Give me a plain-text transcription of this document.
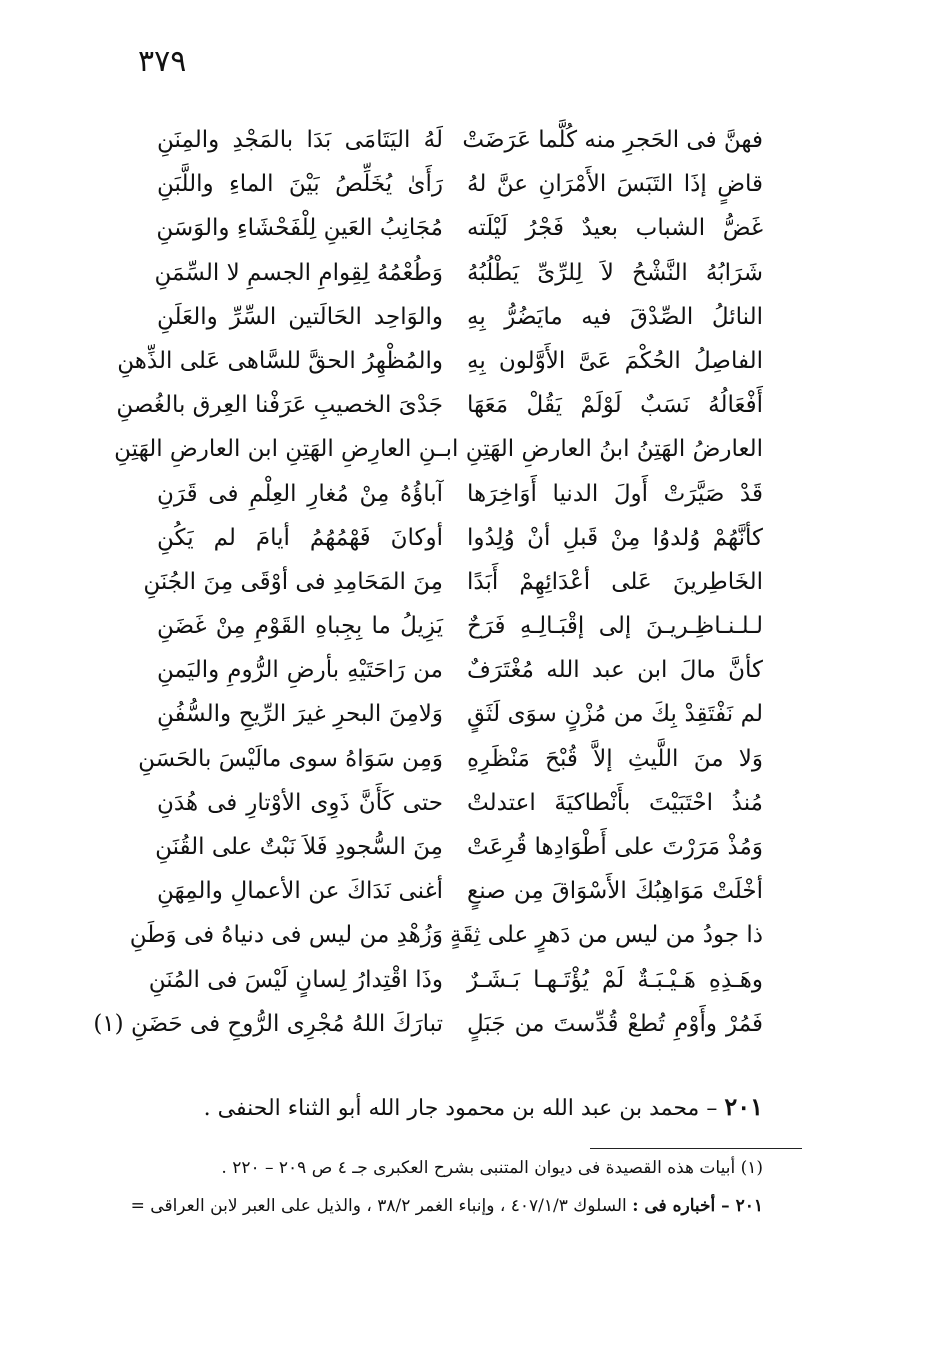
٣٧٩
فهنَّ فى الحَجرِ منه كُلَّما عَرَضَتْ
قاضٍ إذَا التَبَسَ الأَمْرَانِ عنَّ لهُ
غَضُّ الشباب بعيدٌ فَجْرُ لَيْلَته
شَرَابُهُ النَّشْحُ لاَ لِلرِّىِّ يَطْلُبُهُ
النائلُ الصِّدْقَ فيه مايَضُرُّ بِهِ
الفاصِلُ الحُكْمَ عَىَّ الأَوَّلون بِهِ
أَفْعَالُهُ نَسَبٌ لَوْلَمْ يَقُلْ مَعَهَا
العارضُ الهَتِنُ ابنُ العارضِ الهَتِنِ ابـ
قَدْ صَيَّرَتْ أَولَ الدنيا أَوَاخِرَها
كأنَّهُمْ وُلدوُا مِنْ قَبلِ أنْ وُلِدُوا
الخَاطِرينَ عَلى أعْدَائِهِمْ أَبَدًا
لـلـنـاظِـريـنَ إلى إقْبَـالِـهِ فَرَحٌ
كأنَّ مالَ ابن عبد الله مُغْتَرَفٌ
لم نَفْتَقِدْ بِكَ من مُزْنٍ سوَى لَثَقٍ
وَلا منَ اللَّيثِ إلاَّ قُبْحَ مَنْظَرِهِ
مُنذُ احْتَبَيْتَ بأَنْطاكيَةَ اعتدلتْ
وَمُذْ مَرَرْتَ على أَطْوَادِها قُرِعَتْ
أخْلَتْ مَوَاهِبُكَ الأَسْوَاقَ مِن صنعٍ
ذا جودُ من ليس من دَهرٍ على ثِقَةٍ
وهَـذِهِ هَـيْـبَـةٌ لَمْ يُؤْتَـهـا بَـشَـرٌ
فَمُرْ وأَوْمِ تُطعْ قُدِّستَ من جَبَلٍ
لَهُ اليَتَامَى بَدَا بالمَجْدِ والمِنَنِ
رَأَىٰ يُخَلِّصُ بَيْنَ الماءِ واللَّبَنِ
مُجَانِبُ العَينِ لِلْفَحْشَاءِ والوَسَنِ
وَطُعْمُهُ لِقِوامِ الجسمِ لا السِّمَنِ
والوَاحِد الحَالَتين السِّرِّ والعَلَنِ
والمُظْهِرُ الحقَّ للسَّاهى عَلى الذِّهنِ
جَدْىَ الخصيبِ عَرَفْنا العِرق بالغُصنِ
ـنِ العارِضِ الهَتِنِ ابن العارضِ الهَتِنِ
آباؤُهُ مِنْ مُغارِ العِلْمِ فى قَرَنِ
أوكانَ فَهْمُهُمُ أيامَ لم يَكُنِ
مِنَ المَحَامِدِ فى أوْقَى مِنَ الجُنَنِ
يَزِيلُ ما بِجِباهِ القَوْمِ مِنْ غَضَنِ
من رَاحَتَيْهِ بأرضِ الرُّومِ واليَمنِ
وَلامِنَ البحرِ غيرَ الرِّيحِ والسُّفُنِ
وَمِن سَوَاهُ سوى مالَيْسَ بالحَسَنِ
حتى كَأَنَّ ذَوِى الأوْتارِ فى هُدَنِ
مِنَ السُّجودِ فَلاَ نَبْتٌ على القُنَنِ
أغنى نَدَاكَ عن الأعمالِ والمِهَنِ
وَزُهْدِ من ليس فى دنياهُ فى وَطَنِ
وذَا اقْتِدارُ لِسانٍ لَيْسَ فى المُنَنِ
تبارَكَ اللهُ مُجْرِى الرُّوحِ فى حَضَنِ (١)
٢٠١ – محمد بن عبد الله بن محمود جار الله أبو الثناء الحنفى .
(١) أبيات هذه القصيدة فى ديوان المتنبى بشرح العكبرى جـ ٤ ص ٢٠٩ – ٢٢٠ .
٢٠١ – أخباره فى : السلوك ٤٠٧/١/٣ ، وإنباء الغمر ٣٨/٢ ، والذيل على العبر لابن العراقى =
